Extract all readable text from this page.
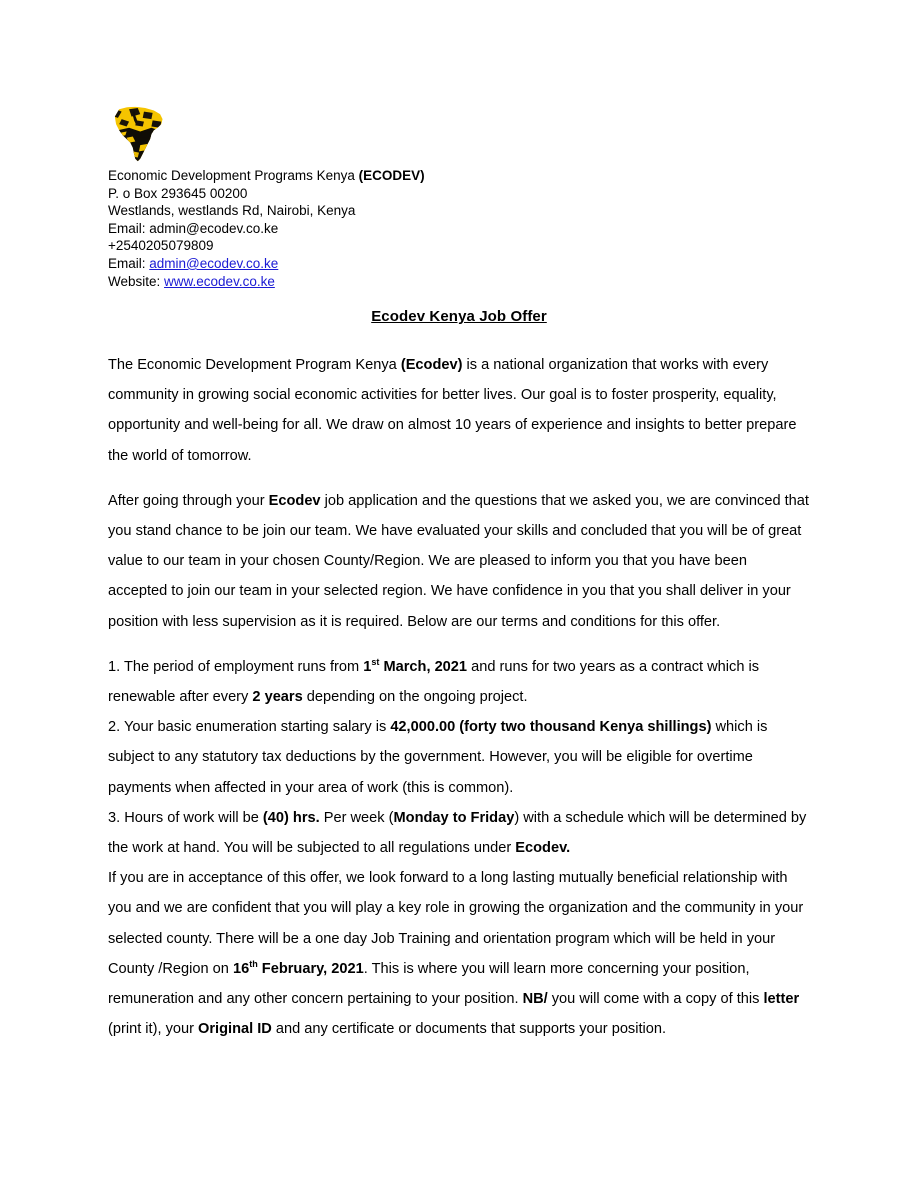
Economic Development Programs Kenya (ECODEV)
P. o Box 293645 00200
Westlands, westlands Rd, Nairobi, Kenya
Email: admin@ecodev.co.ke
+2540205079809
Email: admin@ecodev.co.ke
Website: www.ecodev.co.ke
Ecodev Kenya Job Offer

The Economic Development Program Kenya (Ecodev) is a national organization that works with every community in growing social economic activities for better lives. Our goal is to foster prosperity, equality, opportunity and well-being for all. We draw on almost 10 years of experience and insights to better prepare the world of tomorrow.

After going through your Ecodev job application and the questions that we asked you, we are convinced that you stand chance to be join our team. We have evaluated your skills and concluded that you will be of great value to our team in your chosen County/Region. We are pleased to inform you that you have been accepted to join our team in your selected region. We have confidence in you that you shall deliver in your position with less supervision as it is required. Below are our terms and conditions for this offer.

1. The period of employment runs from 1st March, 2021 and runs for two years as a contract which is renewable after every 2 years depending on the ongoing project.

2. Your basic enumeration starting salary is 42,000.00 (forty two thousand Kenya shillings) which is subject to any statutory tax deductions by the government. However, you will be eligible for overtime payments when affected in your area of work (this is common).

3. Hours of work will be (40) hrs. Per week (Monday to Friday) with a schedule which will be determined by the work at hand. You will be subjected to all regulations under Ecodev.

If you are in acceptance of this offer, we look forward to a long lasting mutually beneficial relationship with you and we are confident that you will play a key role in growing the organization and the community in your selected county. There will be a one day Job Training and orientation program which will be held in your County /Region on 16th February, 2021. This is where you will learn more concerning your position, remuneration and any other concern pertaining to your position. NB/ you will come with a copy of this letter (print it), your Original ID and any certificate or documents that supports your position.
